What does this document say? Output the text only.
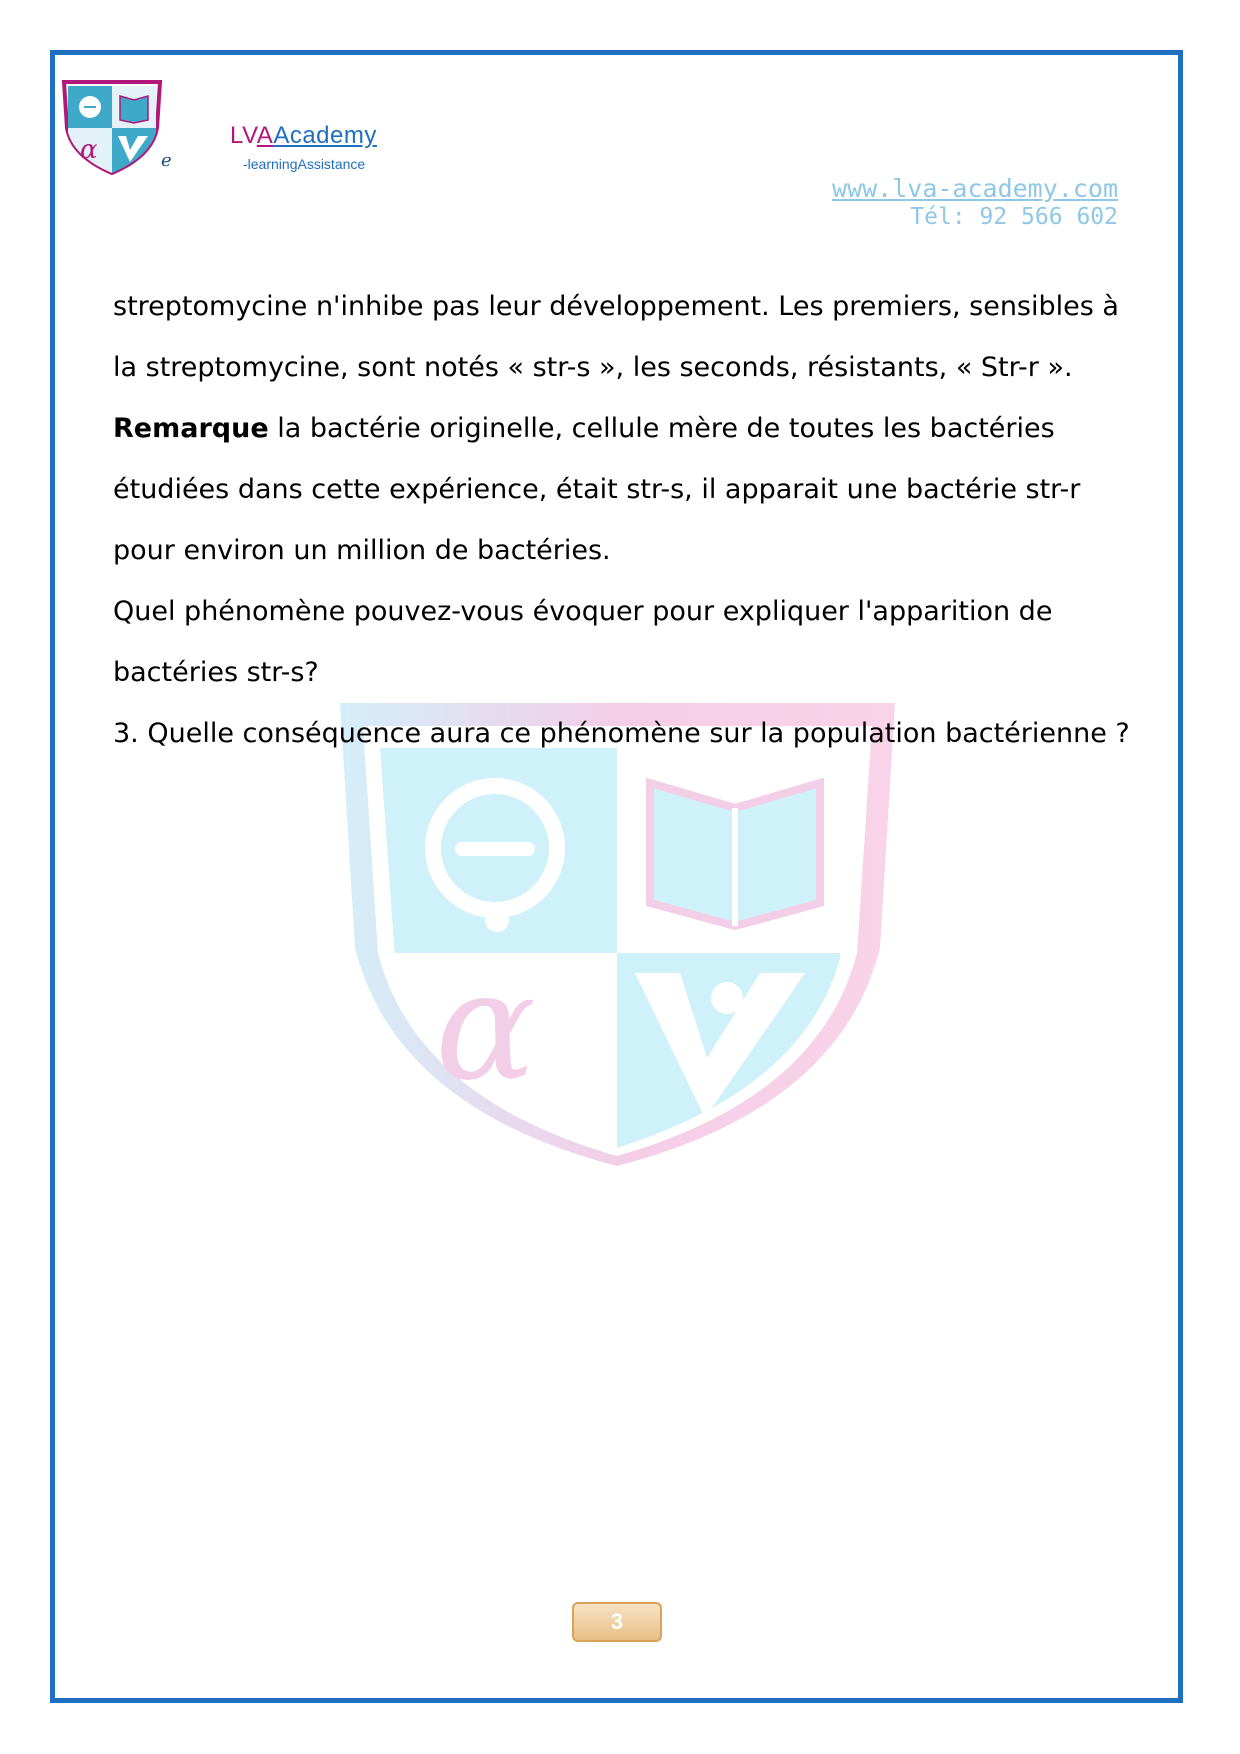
α	e
LVAAcademy
-learningAssistance
www.lva-academy.com
Tél: 92 566 602
α

streptomycine n'inhibe pas leur développement. Les premiers, sensibles à

la streptomycine, sont notés « str-s », les seconds, résistants, « Str-r ».

Remarque la bactérie originelle, cellule mère de toutes les bactéries

étudiées dans cette expérience, était str-s, il apparait une bactérie str-r

pour environ un million de bactéries.

Quel phénomène pouvez-vous évoquer pour expliquer l'apparition de

bactéries str-s?

3. Quelle conséquence aura ce phénomène sur la population bactérienne ?

3
